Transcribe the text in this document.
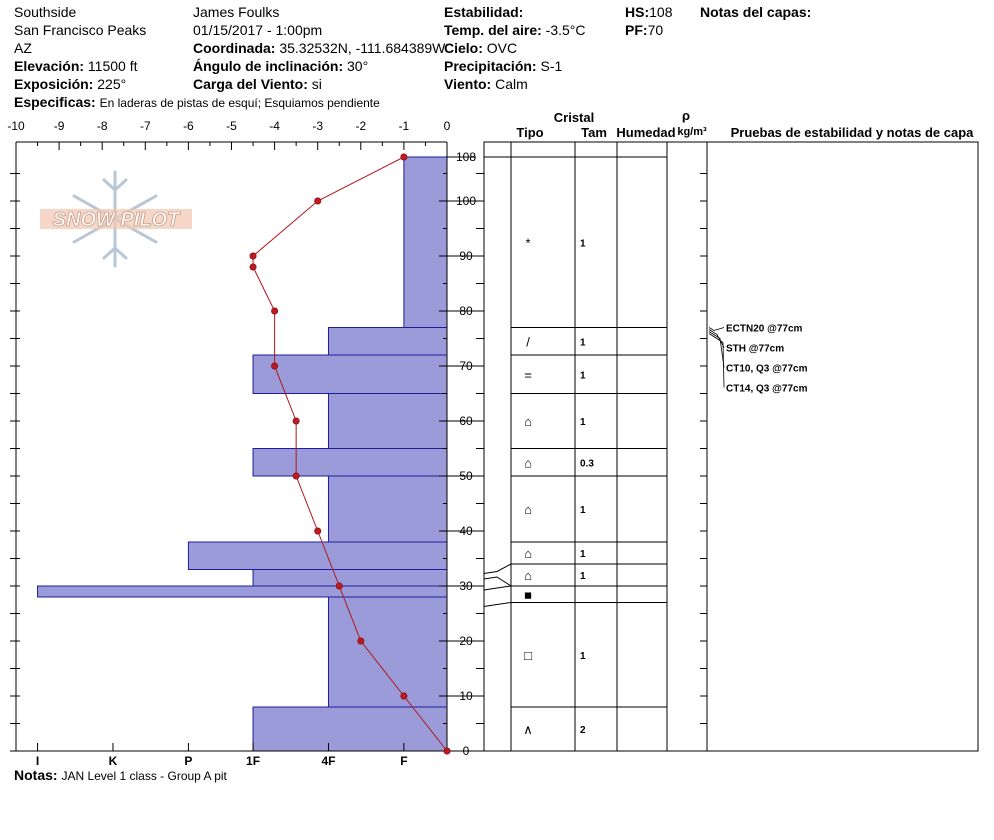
Southside
San Francisco Peaks
AZ
Elevación: 11500 ft
Exposición: 225°
Especificas: En laderas de pistas de esquí; Esquiamos pendiente
James Foulks
01/15/2017 - 1:00pm
Coordinada: 35.32532N, -111.684389W
Ángulo de inclinación: 30°
Carga del Viento: si
Estabilidad:
Temp. del aire: -3.5°C
Cielo: OVC
Precipitación: S-1
Viento: Calm
HS:108
PF:70
Notas del capas:
Notas: JAN Level 1 class - Group A pit
SNOW PILOT
-10 -9	-8	-7	-6	-5	-4	-3	-2	-1	0
0
10
20
30
40
50
60
70
80
90
100
108
I	K	P	1F	4F	F
*	1
/	1
=	1
⌂	1
⌂	0.3
⌂	1
⌂	1
⌂	1
■
□	1
∧	2
Cristal
Tipo	Tam Humedad
ρ
kg/m³ Pruebas de estabilidad y notas de capa
ECTN20 @77cm
STH @77cm
CT10, Q3 @77cm
CT14, Q3 @77cm
